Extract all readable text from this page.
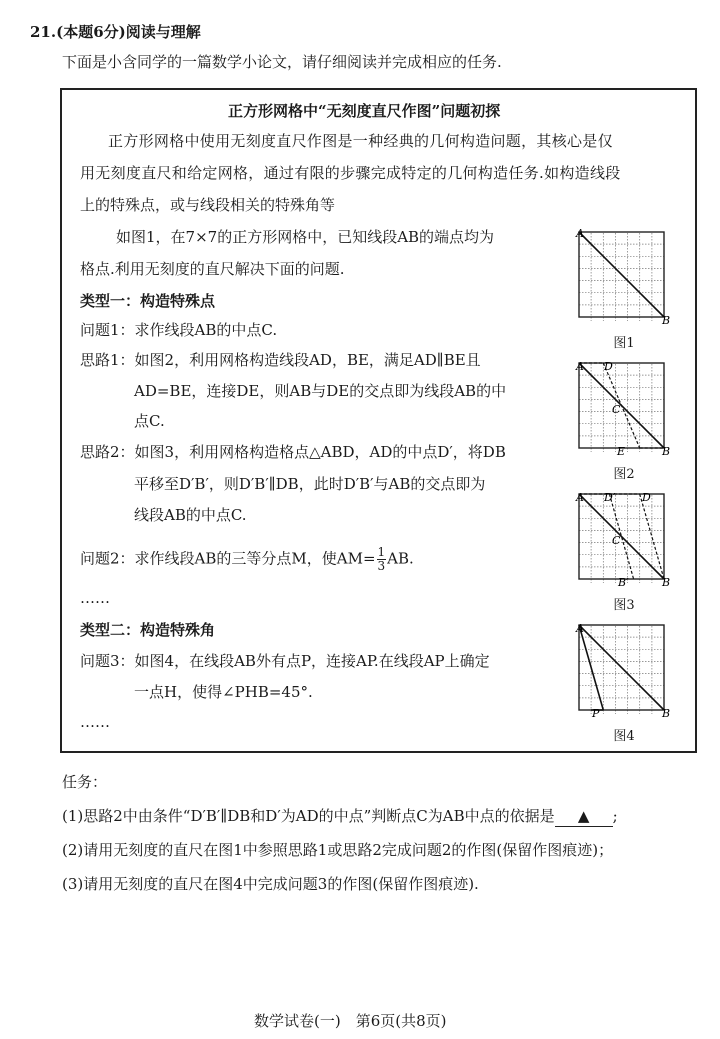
21.(本题6分)阅读与理解
下面是小含同学的一篇数学小论文，请仔细阅读并完成相应的任务.
正方形网格中“无刻度直尺作图”问题初探
正方形网格中使用无刻度直尺作图是一种经典的几何构造问题，其核心是仅
用无刻度直尺和给定网格，通过有限的步骤完成特定的几何构造任务.如构造线段
上的特殊点，或与线段相关的特殊角等
如图1，在7×7的正方形网格中，已知线段AB的端点均为
格点.利用无刻度的直尺解决下面的问题.
类型一：构造特殊点
问题1：求作线段AB的中点C.
思路1：如图2，利用网格构造线段AD，BE，满足AD∥BE且
AD=BE，连接DE，则AB与DE的交点即为线段AB的中
点C.
思路2：如图3，利用网格构造格点△ABD，AD的中点D′，将DB
平移至D′B′，则D′B′∥DB，此时D′B′与AB的交点即为
线段AB的中点C.
问题2：求作线段AB的三等分点M，使$AM= \frac{1}{3}$ AB.
……
类型二：构造特殊角
问题3：如图4，在线段AB外有点P，连接AP.在线段AP上确定
一点H，使得∠PHB=45°.
……
A
B
图1
A D
C
E	B
图2
A D′ D
C
B′	B
图3
A
P	B
图4
任务：
(1)思路2中由条件“D′B′∥DB和D′为AD的中点”判断点C为AB中点的依据是 ▲ ;
(2)请用无刻度的直尺在图1中参照思路1或思路2完成问题2的作图(保留作图痕迹)；
(3)请用无刻度的直尺在图4中完成问题3的作图(保留作图痕迹).
数学试卷(一)　第6页(共8页)
